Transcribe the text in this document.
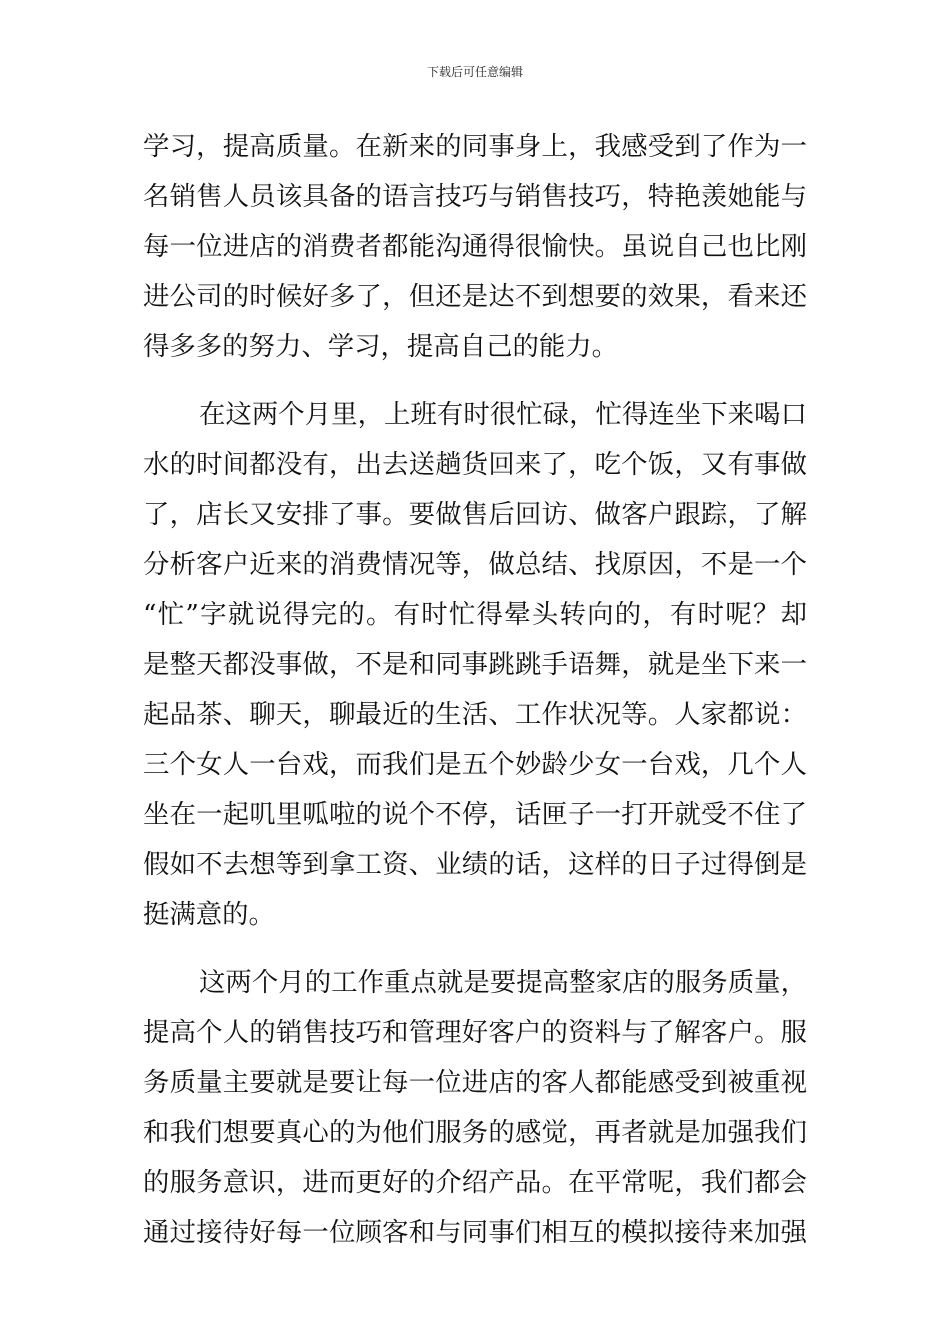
下载后可任意编辑
学习，提高质量。在新来的同事身上，我感受到了作为一
名销售人员该具备的语言技巧与销售技巧，特艳羡她能与
每一位进店的消费者都能沟通得很愉快。虽说自己也比刚
进公司的时候好多了，但还是达不到想要的效果，看来还
得多多的努力、学习，提高自己的能力。
在这两个月里，上班有时很忙碌，忙得连坐下来喝口
水的时间都没有，出去送趟货回来了，吃个饭，又有事做
了，店长又安排了事。要做售后回访、做客户跟踪，了解
分析客户近来的消费情况等，做总结、找原因，不是一个
“忙”字就说得完的。有时忙得晕头转向的，有时呢？却
是整天都没事做，不是和同事跳跳手语舞，就是坐下来一
起品茶、聊天，聊最近的生活、工作状况等。人家都说：
三个女人一台戏，而我们是五个妙龄少女一台戏，几个人
坐在一起叽里呱啦的说个不停，话匣子一打开就受不住了
假如不去想等到拿工资、业绩的话，这样的日子过得倒是
挺满意的。
这两个月的工作重点就是要提高整家店的服务质量，
提高个人的销售技巧和管理好客户的资料与了解客户。服
务质量主要就是要让每一位进店的客人都能感受到被重视
和我们想要真心的为他们服务的感觉，再者就是加强我们
的服务意识，进而更好的介绍产品。在平常呢，我们都会
通过接待好每一位顾客和与同事们相互的模拟接待来加强
